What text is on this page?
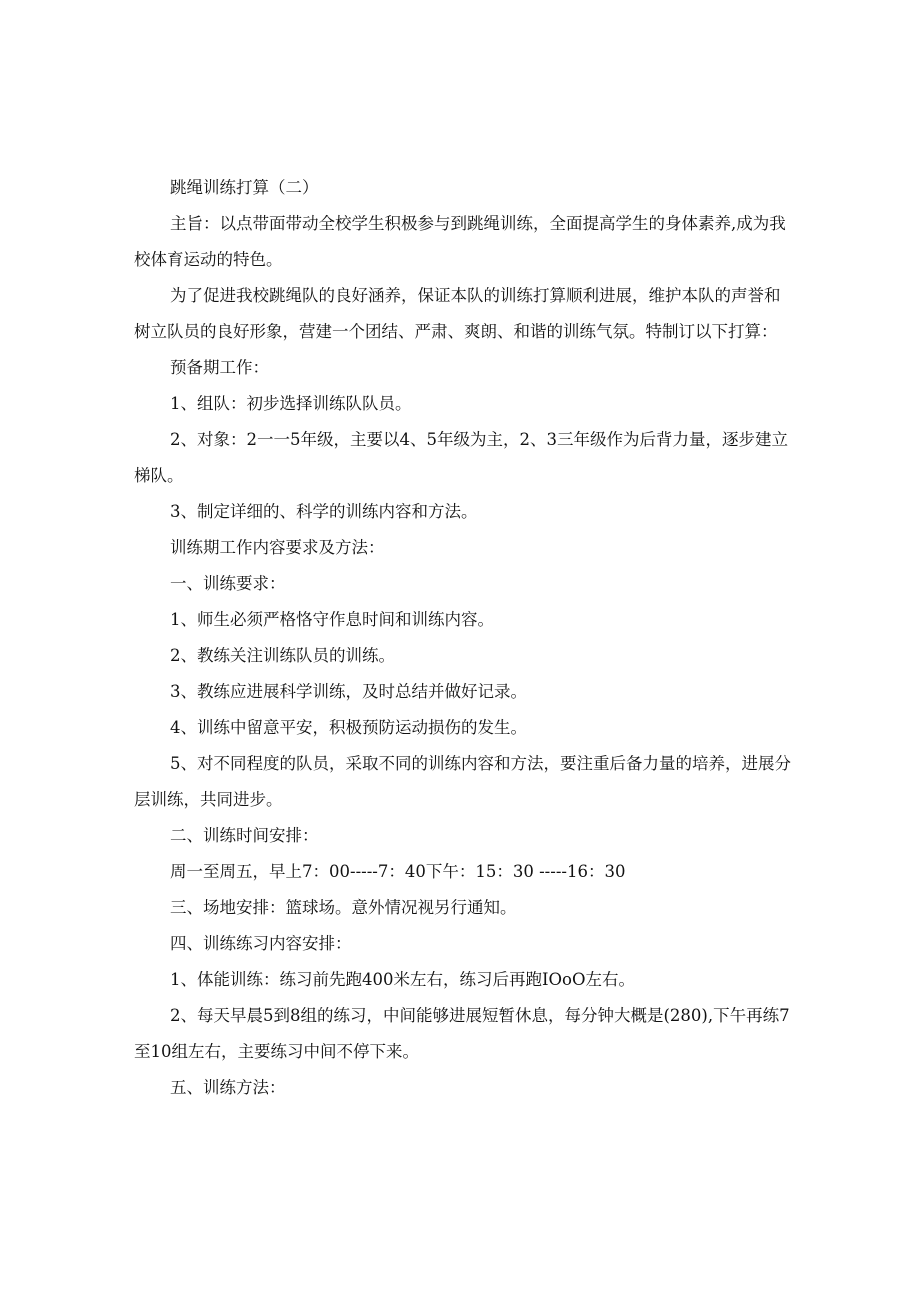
跳绳训练打算（二）

主旨：以点带面带动全校学生积极参与到跳绳训练，全面提高学生的身体素养,成为我校体育运动的特色。

为了促进我校跳绳队的良好涵养，保证本队的训练打算顺利进展，维护本队的声誉和树立队员的良好形象，营建一个团结、严肃、爽朗、和谐的训练气氛。特制订以下打算：

预备期工作：

1、组队：初步选择训练队队员。

2、对象：2一一5年级，主要以4、5年级为主，2、3三年级作为后背力量，逐步建立梯队。

3、制定详细的、科学的训练内容和方法。

训练期工作内容要求及方法：

一、训练要求：

1、师生必须严格恪守作息时间和训练内容。

2、教练关注训练队员的训练。

3、教练应进展科学训练，及时总结并做好记录。

4、训练中留意平安，积极预防运动损伤的发生。

5、对不同程度的队员，采取不同的训练内容和方法，要注重后备力量的培养，进展分层训练，共同进步。

二、训练时间安排：

周一至周五，早上7：00-----7：40下午：15：30 -----16：30

三、场地安排：篮球场。意外情况视另行通知。

四、训练练习内容安排：

1、体能训练：练习前先跑400米左右，练习后再跑IOoO左右。

2、每天早晨5到8组的练习，中间能够进展短暂休息，每分钟大概是(280),下午再练7至10组左右，主要练习中间不停下来。

五、训练方法：
